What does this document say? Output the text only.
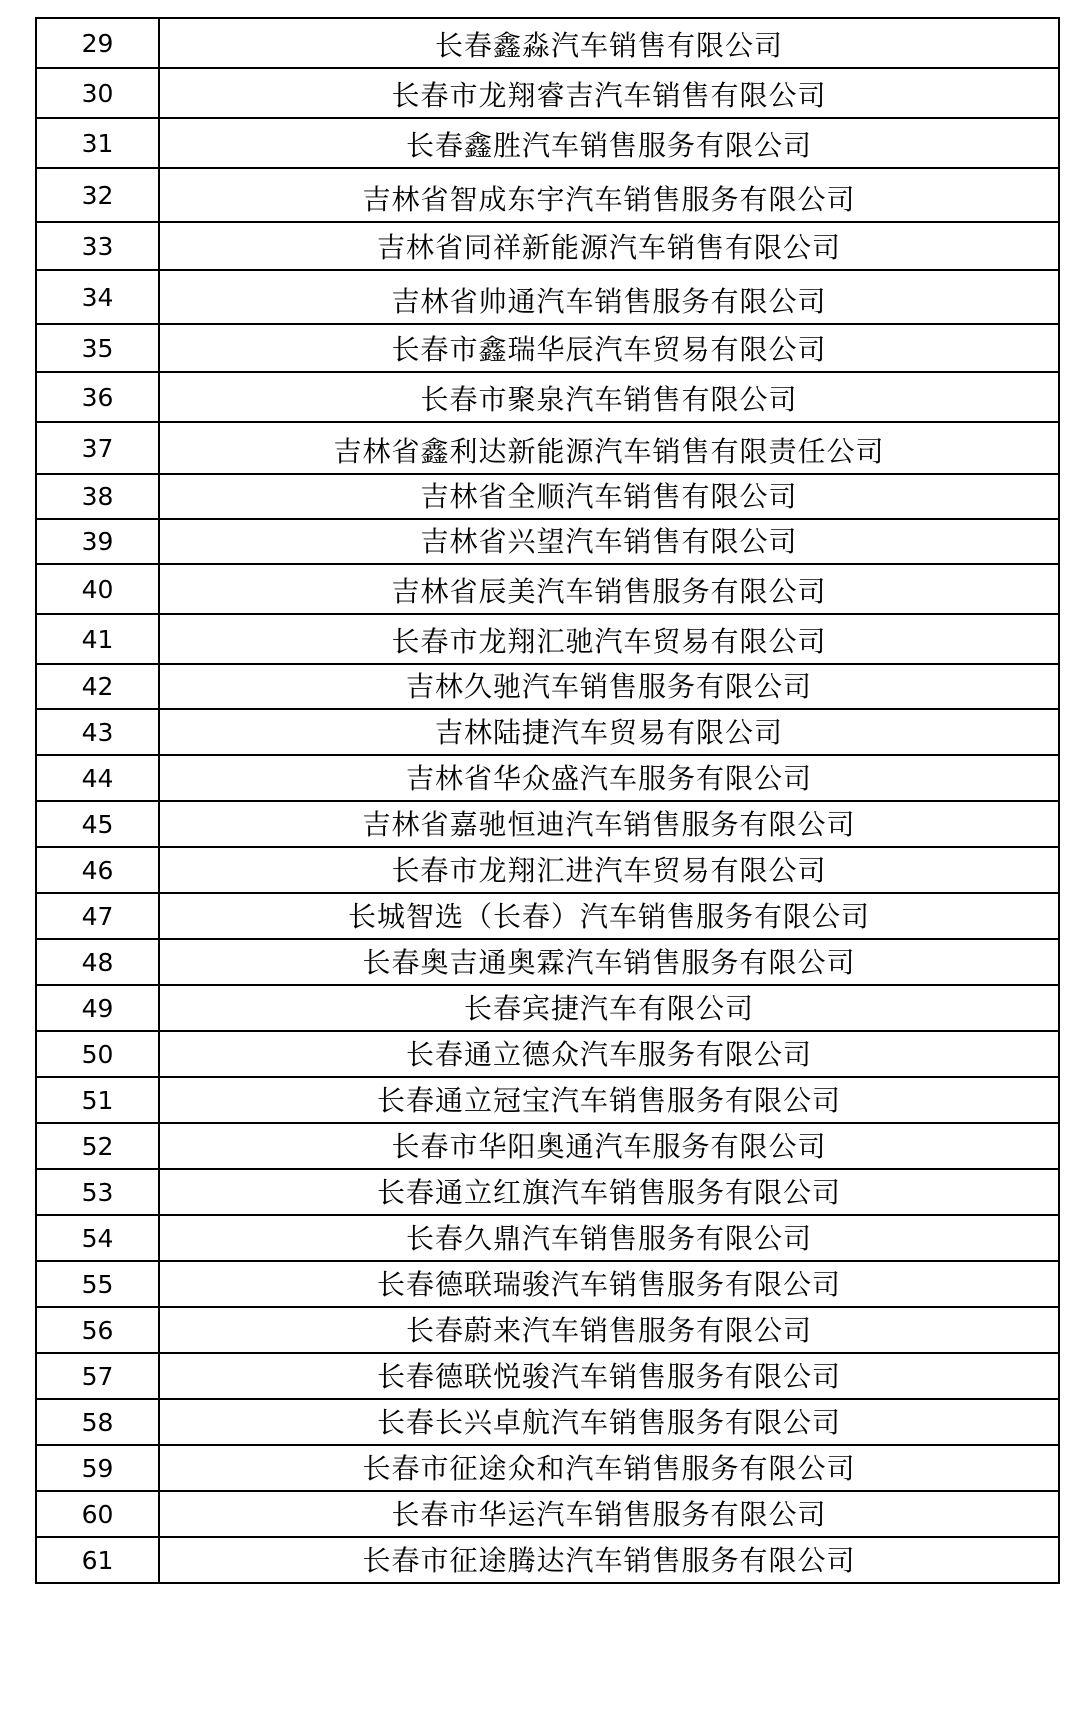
29	长春鑫淼汽车销售有限公司
30	长春市龙翔睿吉汽车销售有限公司
31	长春鑫胜汽车销售服务有限公司
32	吉林省智成东宇汽车销售服务有限公司
33	吉林省同祥新能源汽车销售有限公司
34	吉林省帅通汽车销售服务有限公司
35	长春市鑫瑞华辰汽车贸易有限公司
36	长春市聚泉汽车销售有限公司
37	吉林省鑫利达新能源汽车销售有限责任公司
38	吉林省全顺汽车销售有限公司
39	吉林省兴望汽车销售有限公司
40	吉林省辰美汽车销售服务有限公司
41	长春市龙翔汇驰汽车贸易有限公司
42	吉林久驰汽车销售服务有限公司
43	吉林陆捷汽车贸易有限公司
44	吉林省华众盛汽车服务有限公司
45	吉林省嘉驰恒迪汽车销售服务有限公司
46	长春市龙翔汇进汽车贸易有限公司
47	长城智选（长春）汽车销售服务有限公司
48	长春奥吉通奥霖汽车销售服务有限公司
49	长春宾捷汽车有限公司
50	长春通立德众汽车服务有限公司
51	长春通立冠宝汽车销售服务有限公司
52	长春市华阳奥通汽车服务有限公司
53	长春通立红旗汽车销售服务有限公司
54	长春久鼎汽车销售服务有限公司
55	长春德联瑞骏汽车销售服务有限公司
56	长春蔚来汽车销售服务有限公司
57	长春德联悦骏汽车销售服务有限公司
58	长春长兴卓航汽车销售服务有限公司
59	长春市征途众和汽车销售服务有限公司
60	长春市华运汽车销售服务有限公司
61	长春市征途腾达汽车销售服务有限公司
